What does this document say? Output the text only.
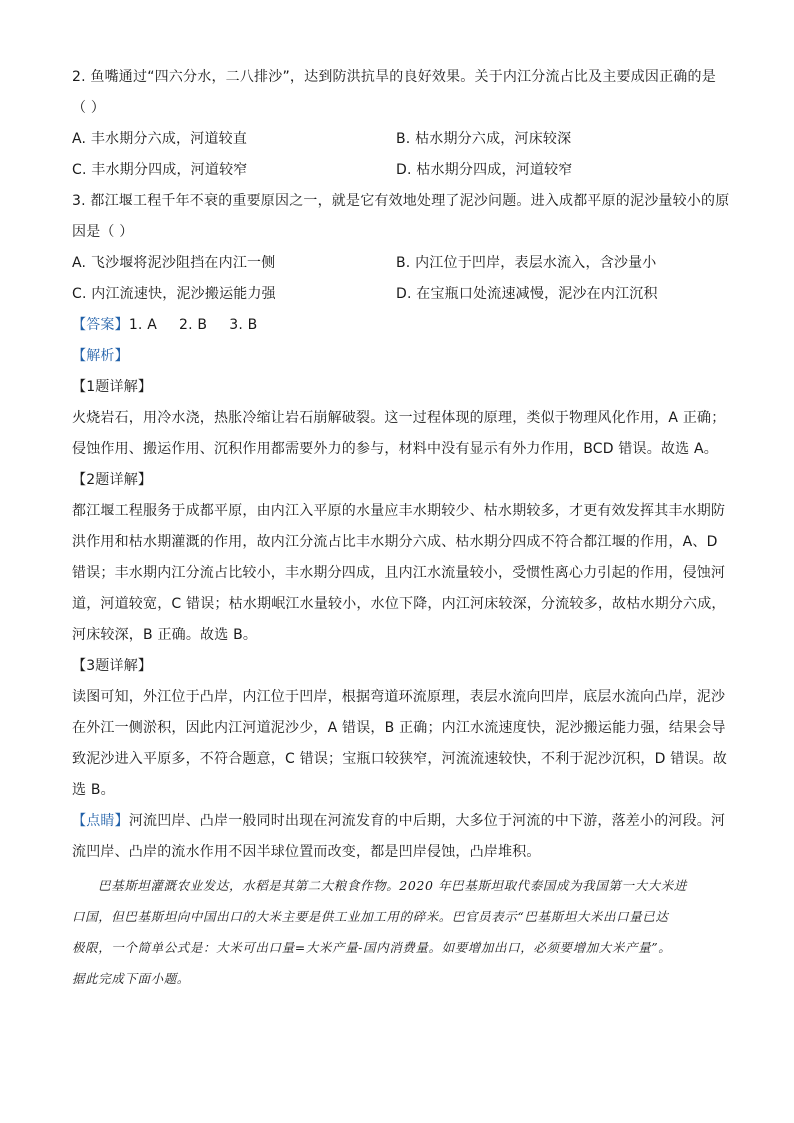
2. 鱼嘴通过“四六分水，二八排沙”，达到防洪抗旱的良好效果。关于内江分流占比及主要成因正确的是
（ ）
A. 丰水期分六成，河道较直	B. 枯水期分六成，河床较深
C. 丰水期分四成，河道较窄	D. 枯水期分四成，河道较窄
3. 都江堰工程千年不衰的重要原因之一，就是它有效地处理了泥沙问题。进入成都平原的泥沙量较小的原
因是（ ）
A. 飞沙堰将泥沙阻挡在内江一侧	B. 内江位于凹岸，表层水流入，含沙量小
C. 内江流速快，泥沙搬运能力强	D. 在宝瓶口处流速减慢，泥沙在内江沉积
【答案】1. A 2. B 3. B
【解析】
【1题详解】
火烧岩石，用冷水浇，热胀冷缩让岩石崩解破裂。这一过程体现的原理，类似于物理风化作用，A 正确；
侵蚀作用、搬运作用、沉积作用都需要外力的参与，材料中没有显示有外力作用，BCD 错误。故选 A。
【2题详解】
都江堰工程服务于成都平原，由内江入平原的水量应丰水期较少、枯水期较多，才更有效发挥其丰水期防
洪作用和枯水期灌溉的作用，故内江分流占比丰水期分六成、枯水期分四成不符合都江堰的作用，A、D
错误；丰水期内江分流占比较小，丰水期分四成，且内江水流量较小，受惯性离心力引起的作用，侵蚀河
道，河道较宽，C 错误；枯水期岷江水量较小，水位下降，内江河床较深，分流较多，故枯水期分六成，
河床较深，B 正确。故选 B。
【3题详解】
读图可知，外江位于凸岸，内江位于凹岸，根据弯道环流原理，表层水流向凹岸，底层水流向凸岸，泥沙
在外江一侧淤积，因此内江河道泥沙少，A 错误，B 正确；内江水流速度快，泥沙搬运能力强，结果会导
致泥沙进入平原多，不符合题意，C 错误；宝瓶口较狭窄，河流流速较快，不利于泥沙沉积，D 错误。故
选 B。
【点睛】河流凹岸、凸岸一般同时出现在河流发育的中后期，大多位于河流的中下游，落差小的河段。河
流凹岸、凸岸的流水作用不因半球位置而改变，都是凹岸侵蚀，凸岸堆积。
巴基斯坦灌溉农业发达，水稻是其第二大粮食作物。2020 年巴基斯坦取代泰国成为我国第一大大米进
口国，但巴基斯坦向中国出口的大米主要是供工业加工用的碎米。巴官员表示“巴基斯坦大米出口量已达
极限，一个简单公式是：大米可出口量=大米产量-国内消费量。如要增加出口，必须要增加大米产量”。
据此完成下面小题。
